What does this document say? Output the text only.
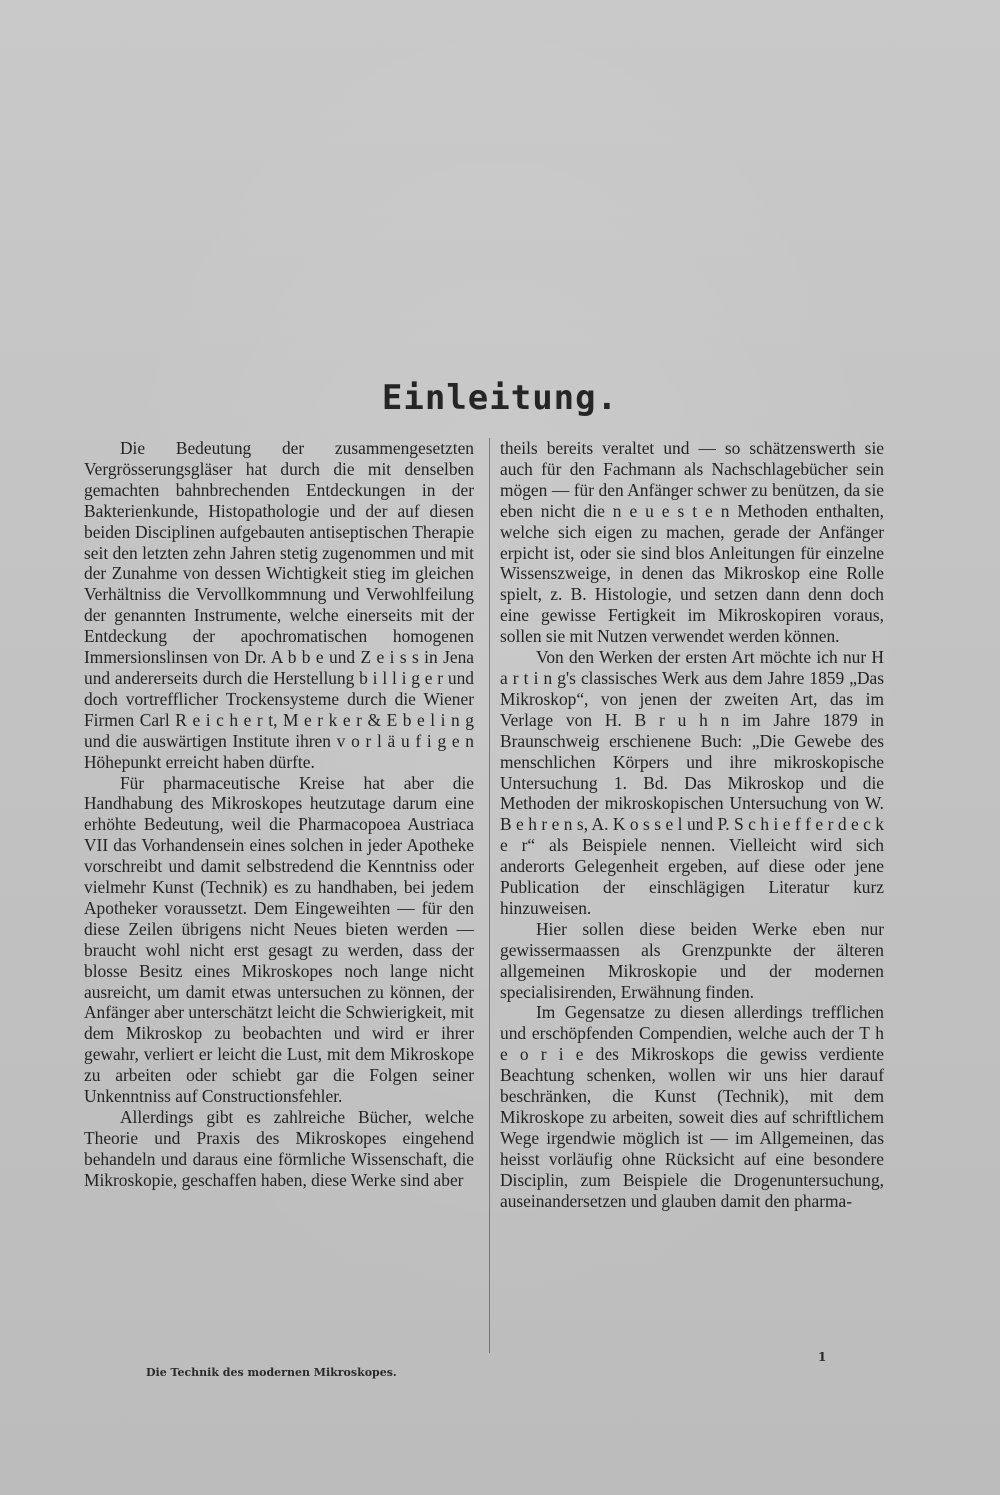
Einleitung.

Die Bedeutung der zusammengesetzten Vergrösserungsgläser hat durch die mit denselben gemachten bahnbrechenden Entdeckungen in der Bakterienkunde, Histopathologie und der auf diesen beiden Disciplinen aufgebauten antiseptischen Therapie seit den letzten zehn Jahren stetig zugenommen und mit der Zunahme von dessen Wichtigkeit stieg im gleichen Verhältniss die Vervollkommnung und Verwohlfeilung der genannten Instrumente, welche einerseits mit der Entdeckung der apochromatischen homogenen Immersionslinsen von Dr. A b b e und Z e i s s in Jena und andererseits durch die Herstellung b i l l i g e r und doch vortrefflicher Trockensysteme durch die Wiener Firmen Carl R e i c h e r t, M e r k e r & E b e l i n g und die auswärtigen Institute ihren v o r l ä u f i g e n Höhepunkt erreicht haben dürfte.

Für pharmaceutische Kreise hat aber die Handhabung des Mikroskopes heutzutage darum eine erhöhte Bedeutung, weil die Pharmacopoea Austriaca VII das Vorhandensein eines solchen in jeder Apotheke vorschreibt und damit selbstredend die Kenntniss oder vielmehr Kunst (Technik) es zu handhaben, bei jedem Apotheker voraussetzt. Dem Eingeweihten — für den diese Zeilen übrigens nicht Neues bieten werden — braucht wohl nicht erst gesagt zu werden, dass der blosse Besitz eines Mikroskopes noch lange nicht ausreicht, um damit etwas untersuchen zu können, der Anfänger aber unterschätzt leicht die Schwierigkeit, mit dem Mikroskop zu beobachten und wird er ihrer gewahr, verliert er leicht die Lust, mit dem Mikroskope zu arbeiten oder schiebt gar die Folgen seiner Unkenntniss auf Constructionsfehler.

Allerdings gibt es zahlreiche Bücher, welche Theorie und Praxis des Mikroskopes eingehend behandeln und daraus eine förmliche Wissenschaft, die Mikroskopie, geschaffen haben, diese Werke sind aber

theils bereits veraltet und — so schätzenswerth sie auch für den Fachmann als Nachschlagebücher sein mögen — für den Anfänger schwer zu benützen, da sie eben nicht die n e u e s t e n Methoden enthalten, welche sich eigen zu machen, gerade der Anfänger erpicht ist, oder sie sind blos Anleitungen für einzelne Wissenszweige, in denen das Mikroskop eine Rolle spielt, z. B. Histologie, und setzen dann denn doch eine gewisse Fertigkeit im Mikroskopiren voraus, sollen sie mit Nutzen verwendet werden können.

Von den Werken der ersten Art möchte ich nur H a r t i n g's classisches Werk aus dem Jahre 1859 „Das Mikroskop“, von jenen der zweiten Art, das im Verlage von H. B r u h n im Jahre 1879 in Braunschweig erschienene Buch: „Die Gewebe des menschlichen Körpers und ihre mikroskopische Untersuchung 1. Bd. Das Mikroskop und die Methoden der mikroskopischen Untersuchung von W. B e h r e n s, A. K o s s e l und P. S c h i e f f e r d e c k e r“ als Beispiele nennen. Vielleicht wird sich anderorts Gelegenheit ergeben, auf diese oder jene Publication der einschlägigen Literatur kurz hinzuweisen.

Hier sollen diese beiden Werke eben nur gewissermaassen als Grenzpunkte der älteren allgemeinen Mikroskopie und der modernen specialisirenden, Erwähnung finden.

Im Gegensatze zu diesen allerdings trefflichen und erschöpfenden Compendien, welche auch der T h e o r i e des Mikroskops die gewiss verdiente Beachtung schenken, wollen wir uns hier darauf beschränken, die Kunst (Technik), mit dem Mikroskope zu arbeiten, soweit dies auf schriftlichem Wege irgendwie möglich ist — im Allgemeinen, das heisst vorläufig ohne Rücksicht auf eine besondere Disciplin, zum Beispiele die Drogenuntersuchung, auseinandersetzen und glauben damit den pharma-

Die Technik des modernen Mikroskopes.
1
